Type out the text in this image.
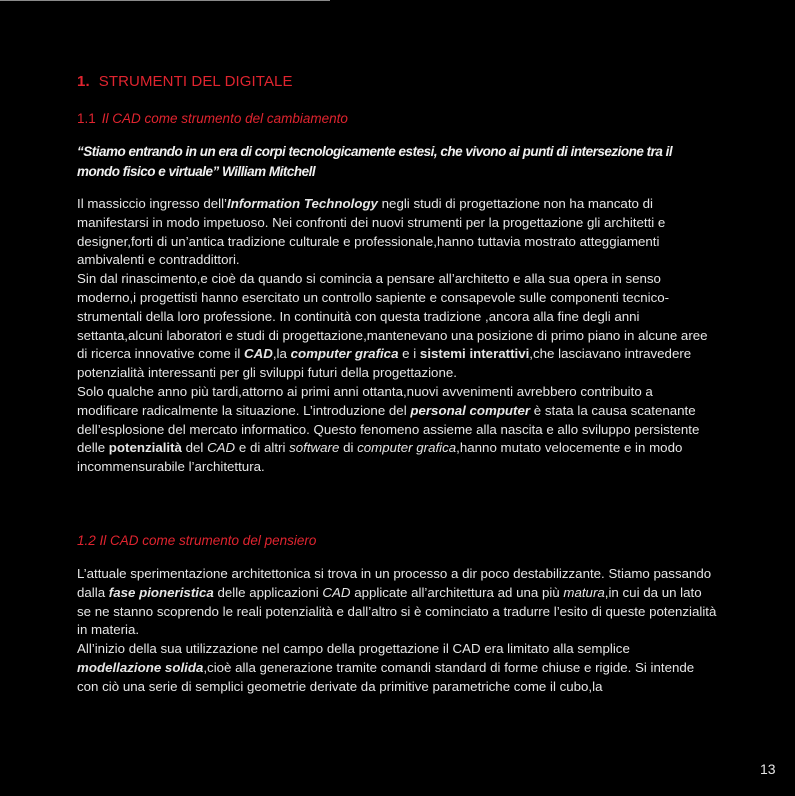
1. STRUMENTI DEL DIGITALE
1.1 Il CAD come strumento del cambiamento
“Stiamo entrando in un era di corpi tecnologicamente estesi, che vivono ai punti di intersezione tra il mondo fisico e virtuale” William Mitchell

Il massiccio ingresso dell’Information Technology negli studi di progettazione non ha mancato di manifestarsi in modo impetuoso. Nei confronti dei nuovi strumenti per la progettazione gli architetti e designer,forti di un’antica tradizione culturale e professionale,hanno tuttavia mostrato atteggiamenti ambivalenti e contraddittori.

Sin dal rinascimento,e cioè da quando si comincia a pensare all’architetto e alla sua opera in senso moderno,i progettisti hanno esercitato un controllo sapiente e consapevole sulle componenti tecnico-strumentali della loro professione. In continuità con questa tradizione ,ancora alla fine degli anni settanta,alcuni laboratori e studi di progettazione,mantenevano una posizione di primo piano in alcune aree di ricerca innovative come il CAD,la computer grafica e i sistemi interattivi,che lasciavano intravedere potenzialità interessanti per gli sviluppi futuri della progettazione.

Solo qualche anno più tardi,attorno ai primi anni ottanta,nuovi avvenimenti avrebbero contribuito a modificare radicalmente la situazione. L’introduzione del personal computer è stata la causa scatenante dell’esplosione del mercato informatico. Questo fenomeno assieme alla nascita e allo sviluppo persistente delle potenzialità del CAD e di altri software di computer grafica,hanno mutato velocemente e in modo incommensurabile l’architettura.

1.2 Il CAD come strumento del pensiero

L’attuale sperimentazione architettonica si trova in un processo a dir poco destabilizzante. Stiamo passando dalla fase pioneristica delle applicazioni CAD applicate all’architettura ad una più matura,in cui da un lato se ne stanno scoprendo le reali potenzialità e dall’altro si è cominciato a tradurre l’esito di queste potenzialità in materia.

All’inizio della sua utilizzazione nel campo della progettazione il CAD era limitato alla semplice modellazione solida,cioè alla generazione tramite comandi standard di forme chiuse e rigide. Si intende con ciò una serie di semplici geometrie derivate da primitive parametriche come il cubo,la

13
